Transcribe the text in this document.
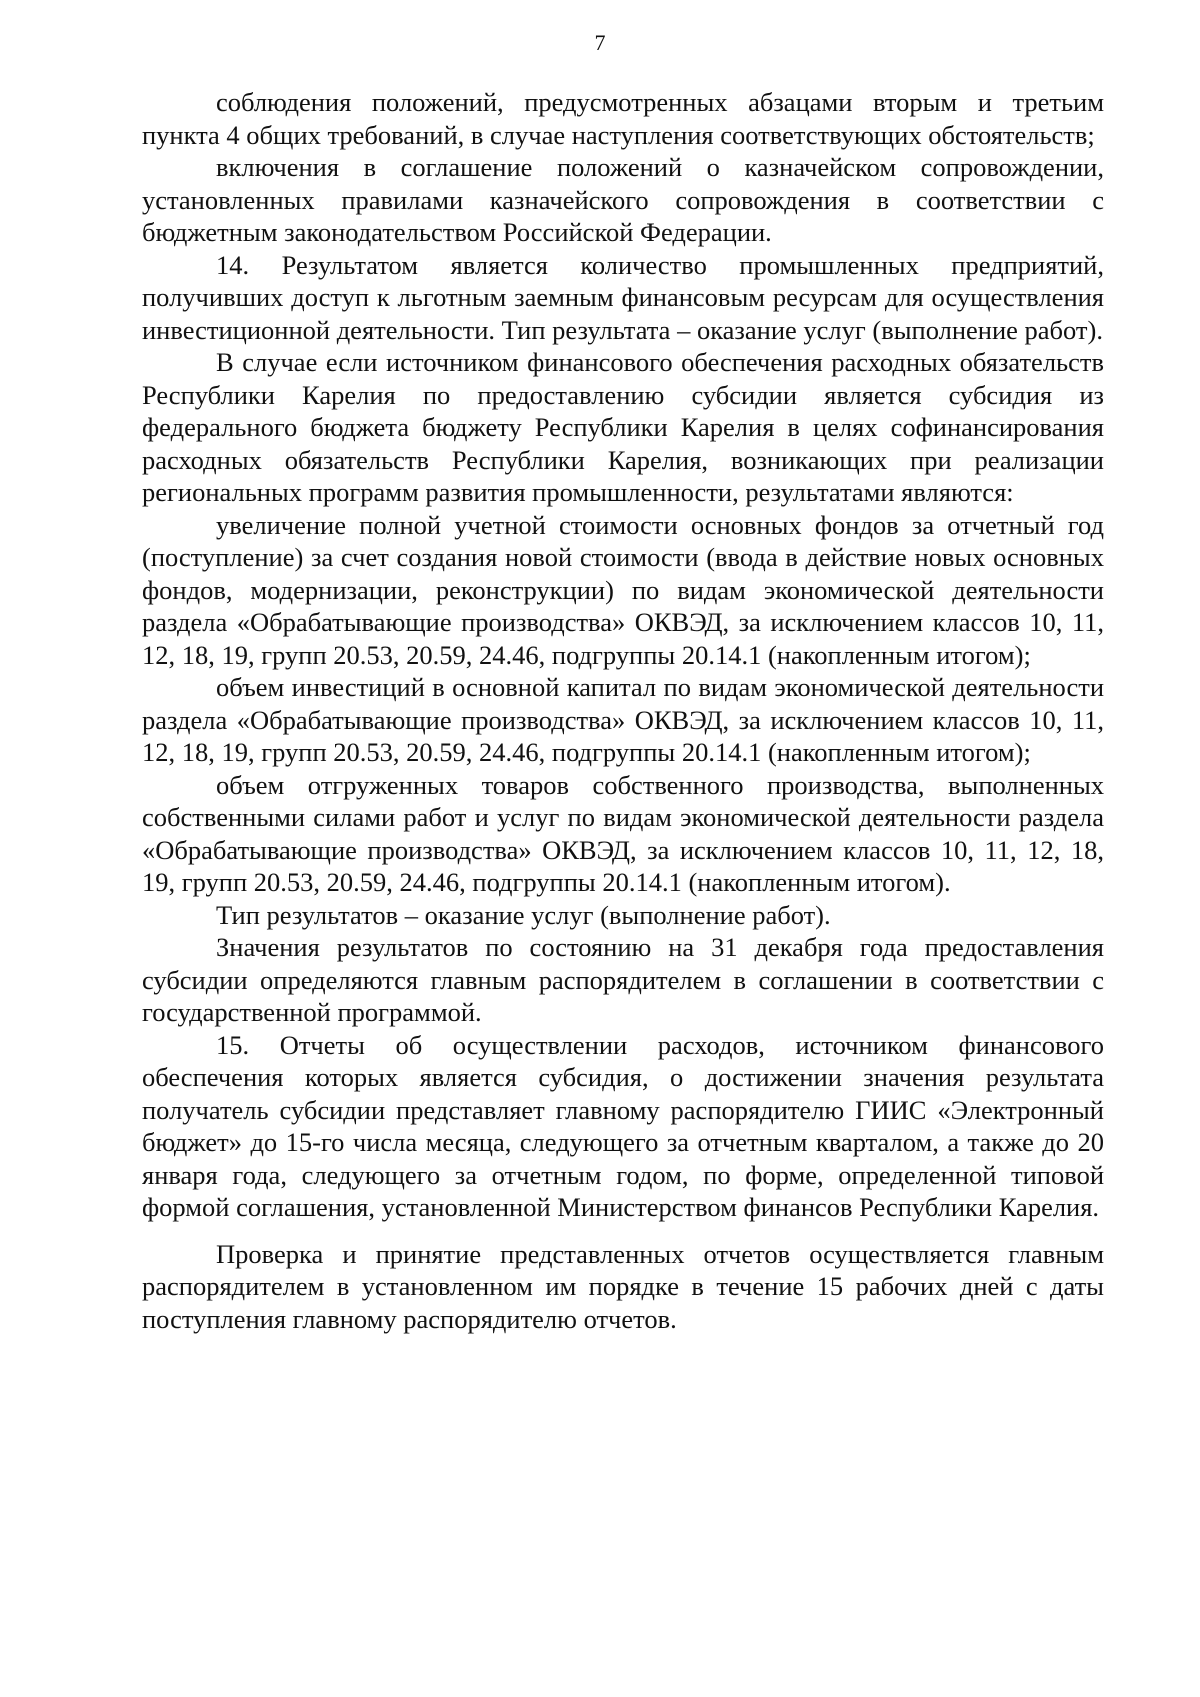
7

соблюдения положений, предусмотренных абзацами вторым и третьим пункта 4 общих требований, в случае наступления соответствующих обстоятельств;

включения в соглашение положений о казначейском сопровождении, установленных правилами казначейского сопровождения в соответствии с бюджетным законодательством Российской Федерации.

14. Результатом является количество промышленных предприятий, получивших доступ к льготным заемным финансовым ресурсам для осуществления инвестиционной деятельности. Тип результата – оказание услуг (выполнение работ).

В случае если источником финансового обеспечения расходных обязательств Республики Карелия по предоставлению субсидии является субсидия из федерального бюджета бюджету Республики Карелия в целях софинансирования расходных обязательств Республики Карелия, возникающих при реализации региональных программ развития промышленности, результатами являются:

увеличение полной учетной стоимости основных фондов за отчетный год (поступление) за счет создания новой стоимости (ввода в действие новых основных фондов, модернизации, реконструкции) по видам экономической деятельности раздела «Обрабатывающие производства» ОКВЭД, за исключением классов 10, 11, 12, 18, 19, групп 20.53, 20.59, 24.46, подгруппы 20.14.1 (накопленным итогом);

объем инвестиций в основной капитал по видам экономической деятельности раздела «Обрабатывающие производства» ОКВЭД, за исключением классов 10, 11, 12, 18, 19, групп 20.53, 20.59, 24.46, подгруппы 20.14.1 (накопленным итогом);

объем отгруженных товаров собственного производства, выполненных собственными силами работ и услуг по видам экономической деятельности раздела «Обрабатывающие производства» ОКВЭД, за исключением классов 10, 11, 12, 18, 19, групп 20.53, 20.59, 24.46, подгруппы 20.14.1 (накопленным итогом).

Тип результатов – оказание услуг (выполнение работ).

Значения результатов по состоянию на 31 декабря года предоставления субсидии определяются главным распорядителем в соглашении в соответствии с государственной программой.

15. Отчеты об осуществлении расходов, источником финансового обеспечения которых является субсидия, о достижении значения результата получатель субсидии представляет главному распорядителю ГИИС «Электронный бюджет» до 15-го числа месяца, следующего за отчетным кварталом, а также до 20 января года, следующего за отчетным годом, по форме, определенной типовой формой соглашения, установленной Министерством финансов Республики Карелия.

Проверка и принятие представленных отчетов осуществляется главным распорядителем в установленном им порядке в течение 15 рабочих дней с даты поступления главному распорядителю отчетов.
